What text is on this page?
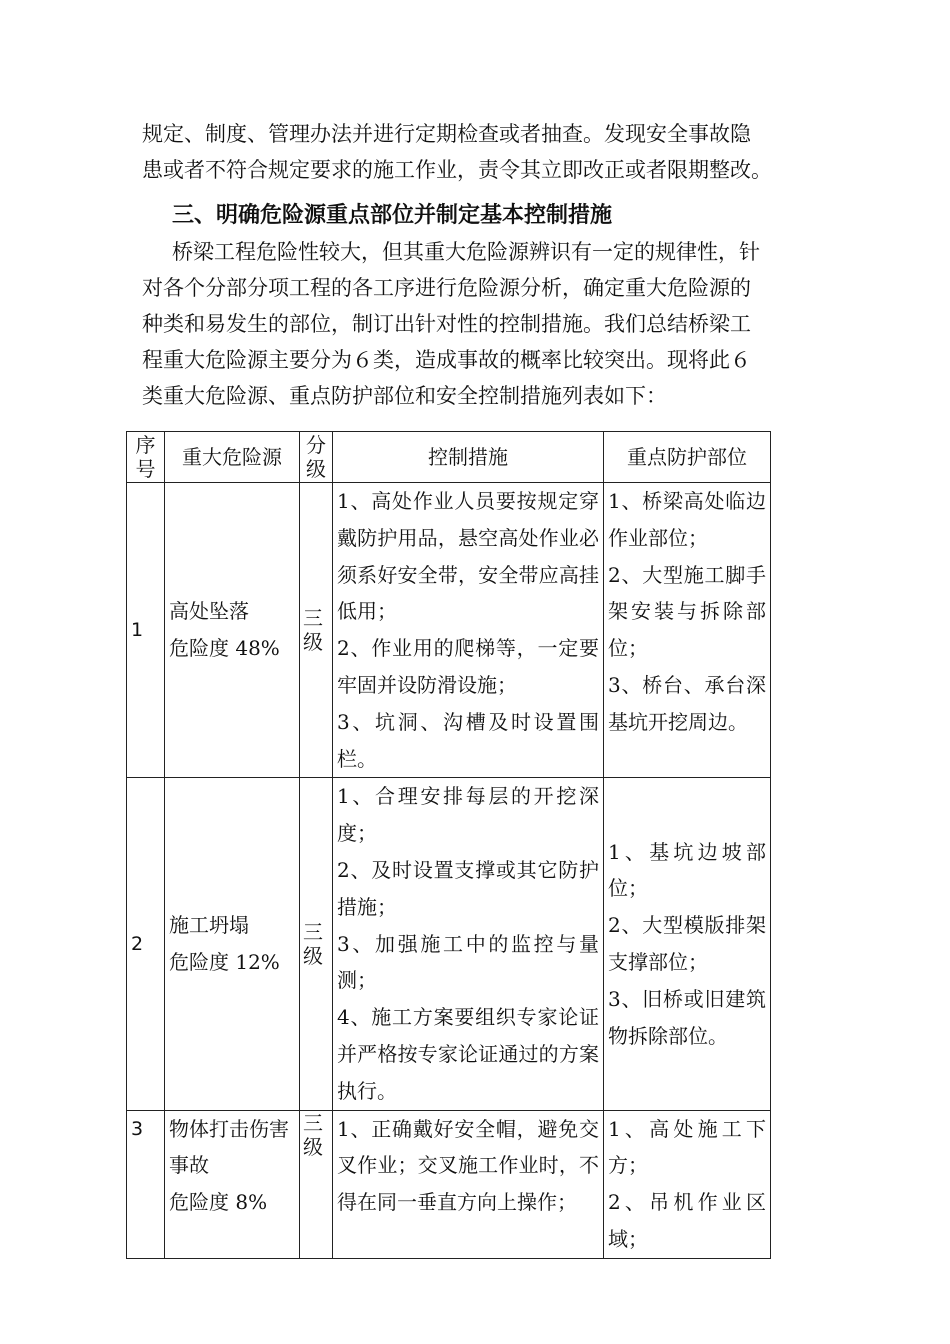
规定、制度、管理办法并进行定期检查或者抽查。发现安全事故隐
患或者不符合规定要求的施工作业，责令其立即改正或者限期整改。
三、明确危险源重点部位并制定基本控制措施
桥梁工程危险性较大，但其重大危险源辨识有一定的规律性，针
对各个分部分项工程的各工序进行危险源分析，确定重大危险源的
种类和易发生的部位，制订出针对性的控制措施。我们总结桥梁工
程重大危险源主要分为６类，造成事故的概率比较突出。现将此６
类重大危险源、重点防护部位和安全控制措施列表如下：
序
号	重大危险源	分
级	控制措施	重点防护部位
1	高处坠落
危险度 48%	三
级	1、高处作业人员要按规定穿戴防护用品，悬空高处作业必须系好安全带，安全带应高挂低用；
2、作业用的爬梯等，一定要牢固并设防滑设施；
3、坑洞、沟槽及时设置围栏。	1、桥梁高处临边作业部位；
2、大型施工脚手架安装与拆除部位；
3、桥台、承台深基坑开挖周边。

2	施工坍塌
危险度 12%	三
级	1、合理安排每层的开挖深度；
2、及时设置支撑或其它防护措施；
3、加强施工中的监控与量测；
4、施工方案要组织专家论证并严格按专家论证通过的方案执行。	1、基坑边坡部位；
2、大型模版排架支撑部位；
3、旧桥或旧建筑物拆除部位。

3	物体打击伤害事故
危险度 8%	三
级	1、正确戴好安全帽，避免交叉作业；交叉施工作业时，不得在同一垂直方向上操作；	1、高处施工下方；
2、吊机作业区域；
